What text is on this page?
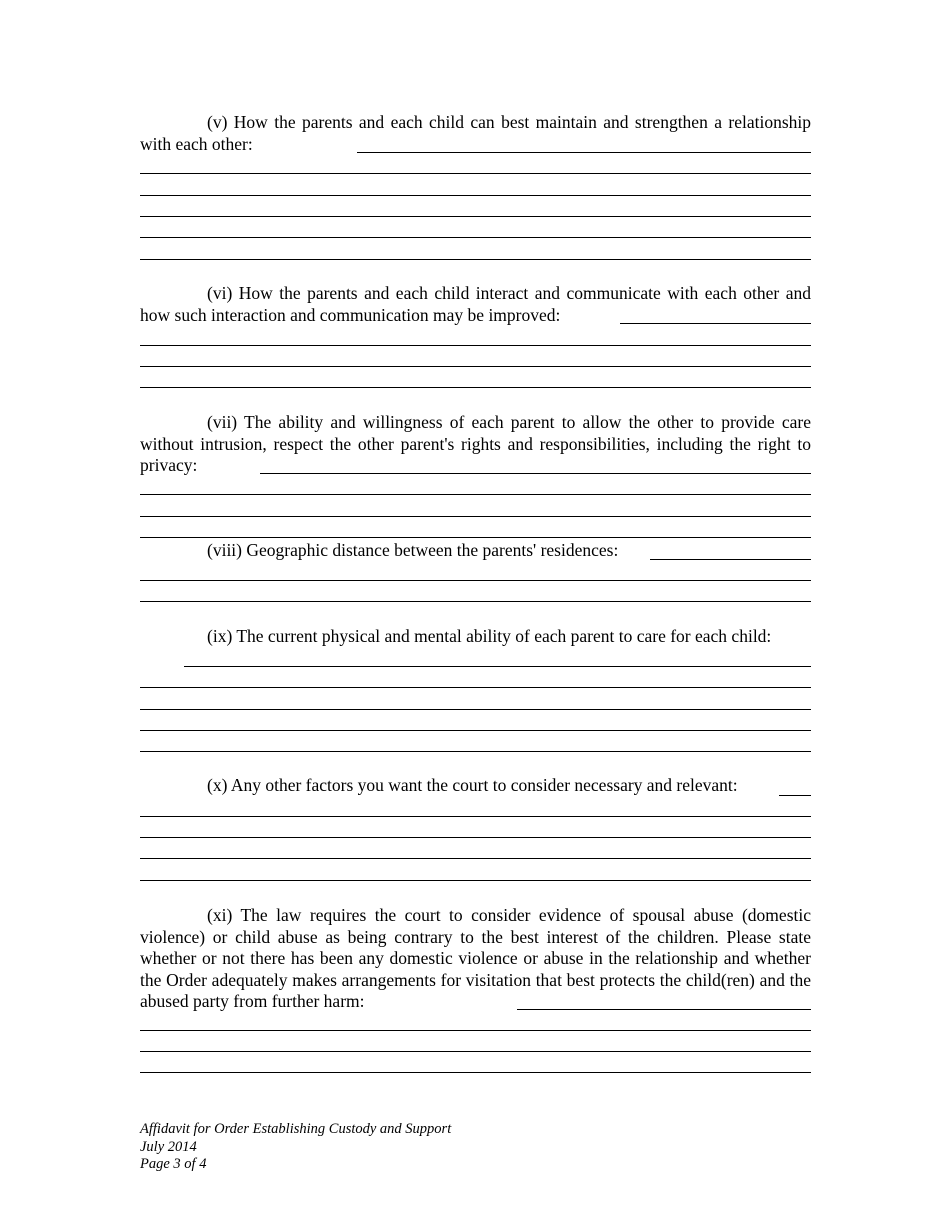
(v) How the parents and each child can best maintain and strengthen a relationship with each other:

(vi) How the parents and each child interact and communicate with each other and how such interaction and communication may be improved:

(vii) The ability and willingness of each parent to allow the other to provide care without intrusion, respect the other parent's rights and responsibilities, including the right to privacy:

(viii) Geographic distance between the parents' residences:

(ix) The current physical and mental ability of each parent to care for each child:

(x) Any other factors you want the court to consider necessary and relevant:

(xi) The law requires the court to consider evidence of spousal abuse (domestic violence) or child abuse as being contrary to the best interest of the children. Please state whether or not there has been any domestic violence or abuse in the relationship and whether the Order adequately makes arrangements for visitation that best protects the child(ren) and the abused party from further harm:

Affidavit for Order Establishing Custody and Support
July 2014
Page 3 of 4
